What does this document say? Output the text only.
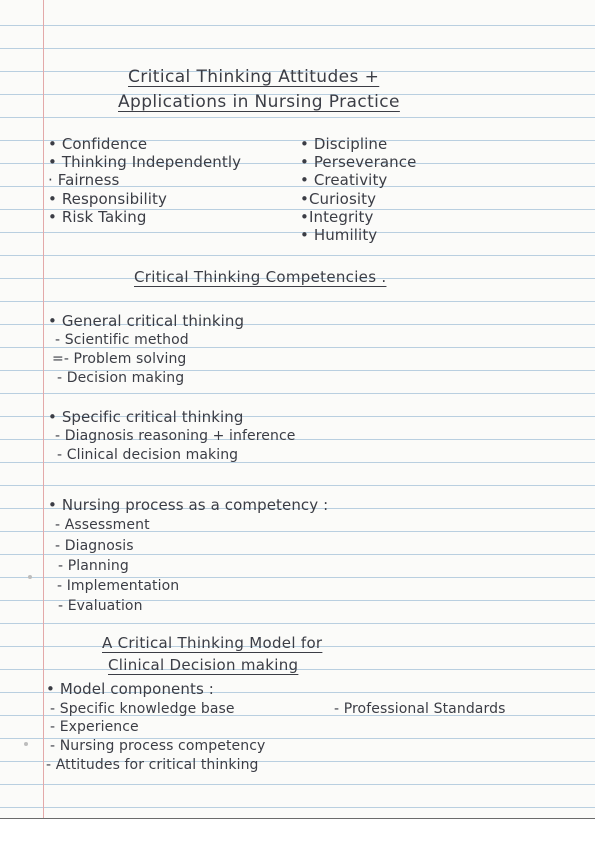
Critical Thinking Attitudes +
Applications in Nursing Practice
• Confidence
• Thinking Independently
· Fairness
• Responsibility
• Risk Taking
• Discipline
• Perseverance
• Creativity
•Curiosity
•Integrity
• Humility
Critical Thinking Competencies .
• General critical thinking
- Scientific method
=- Problem solving
- Decision making
• Specific critical thinking
- Diagnosis reasoning + inference
- Clinical decision making
• Nursing process as a competency :
- Assessment
- Diagnosis
- Planning
- Implementation
- Evaluation
A Critical Thinking Model for
Clinical Decision making
• Model components :
- Specific knowledge base	- Professional Standards
- Experience
- Nursing process competency
- Attitudes for critical thinking
